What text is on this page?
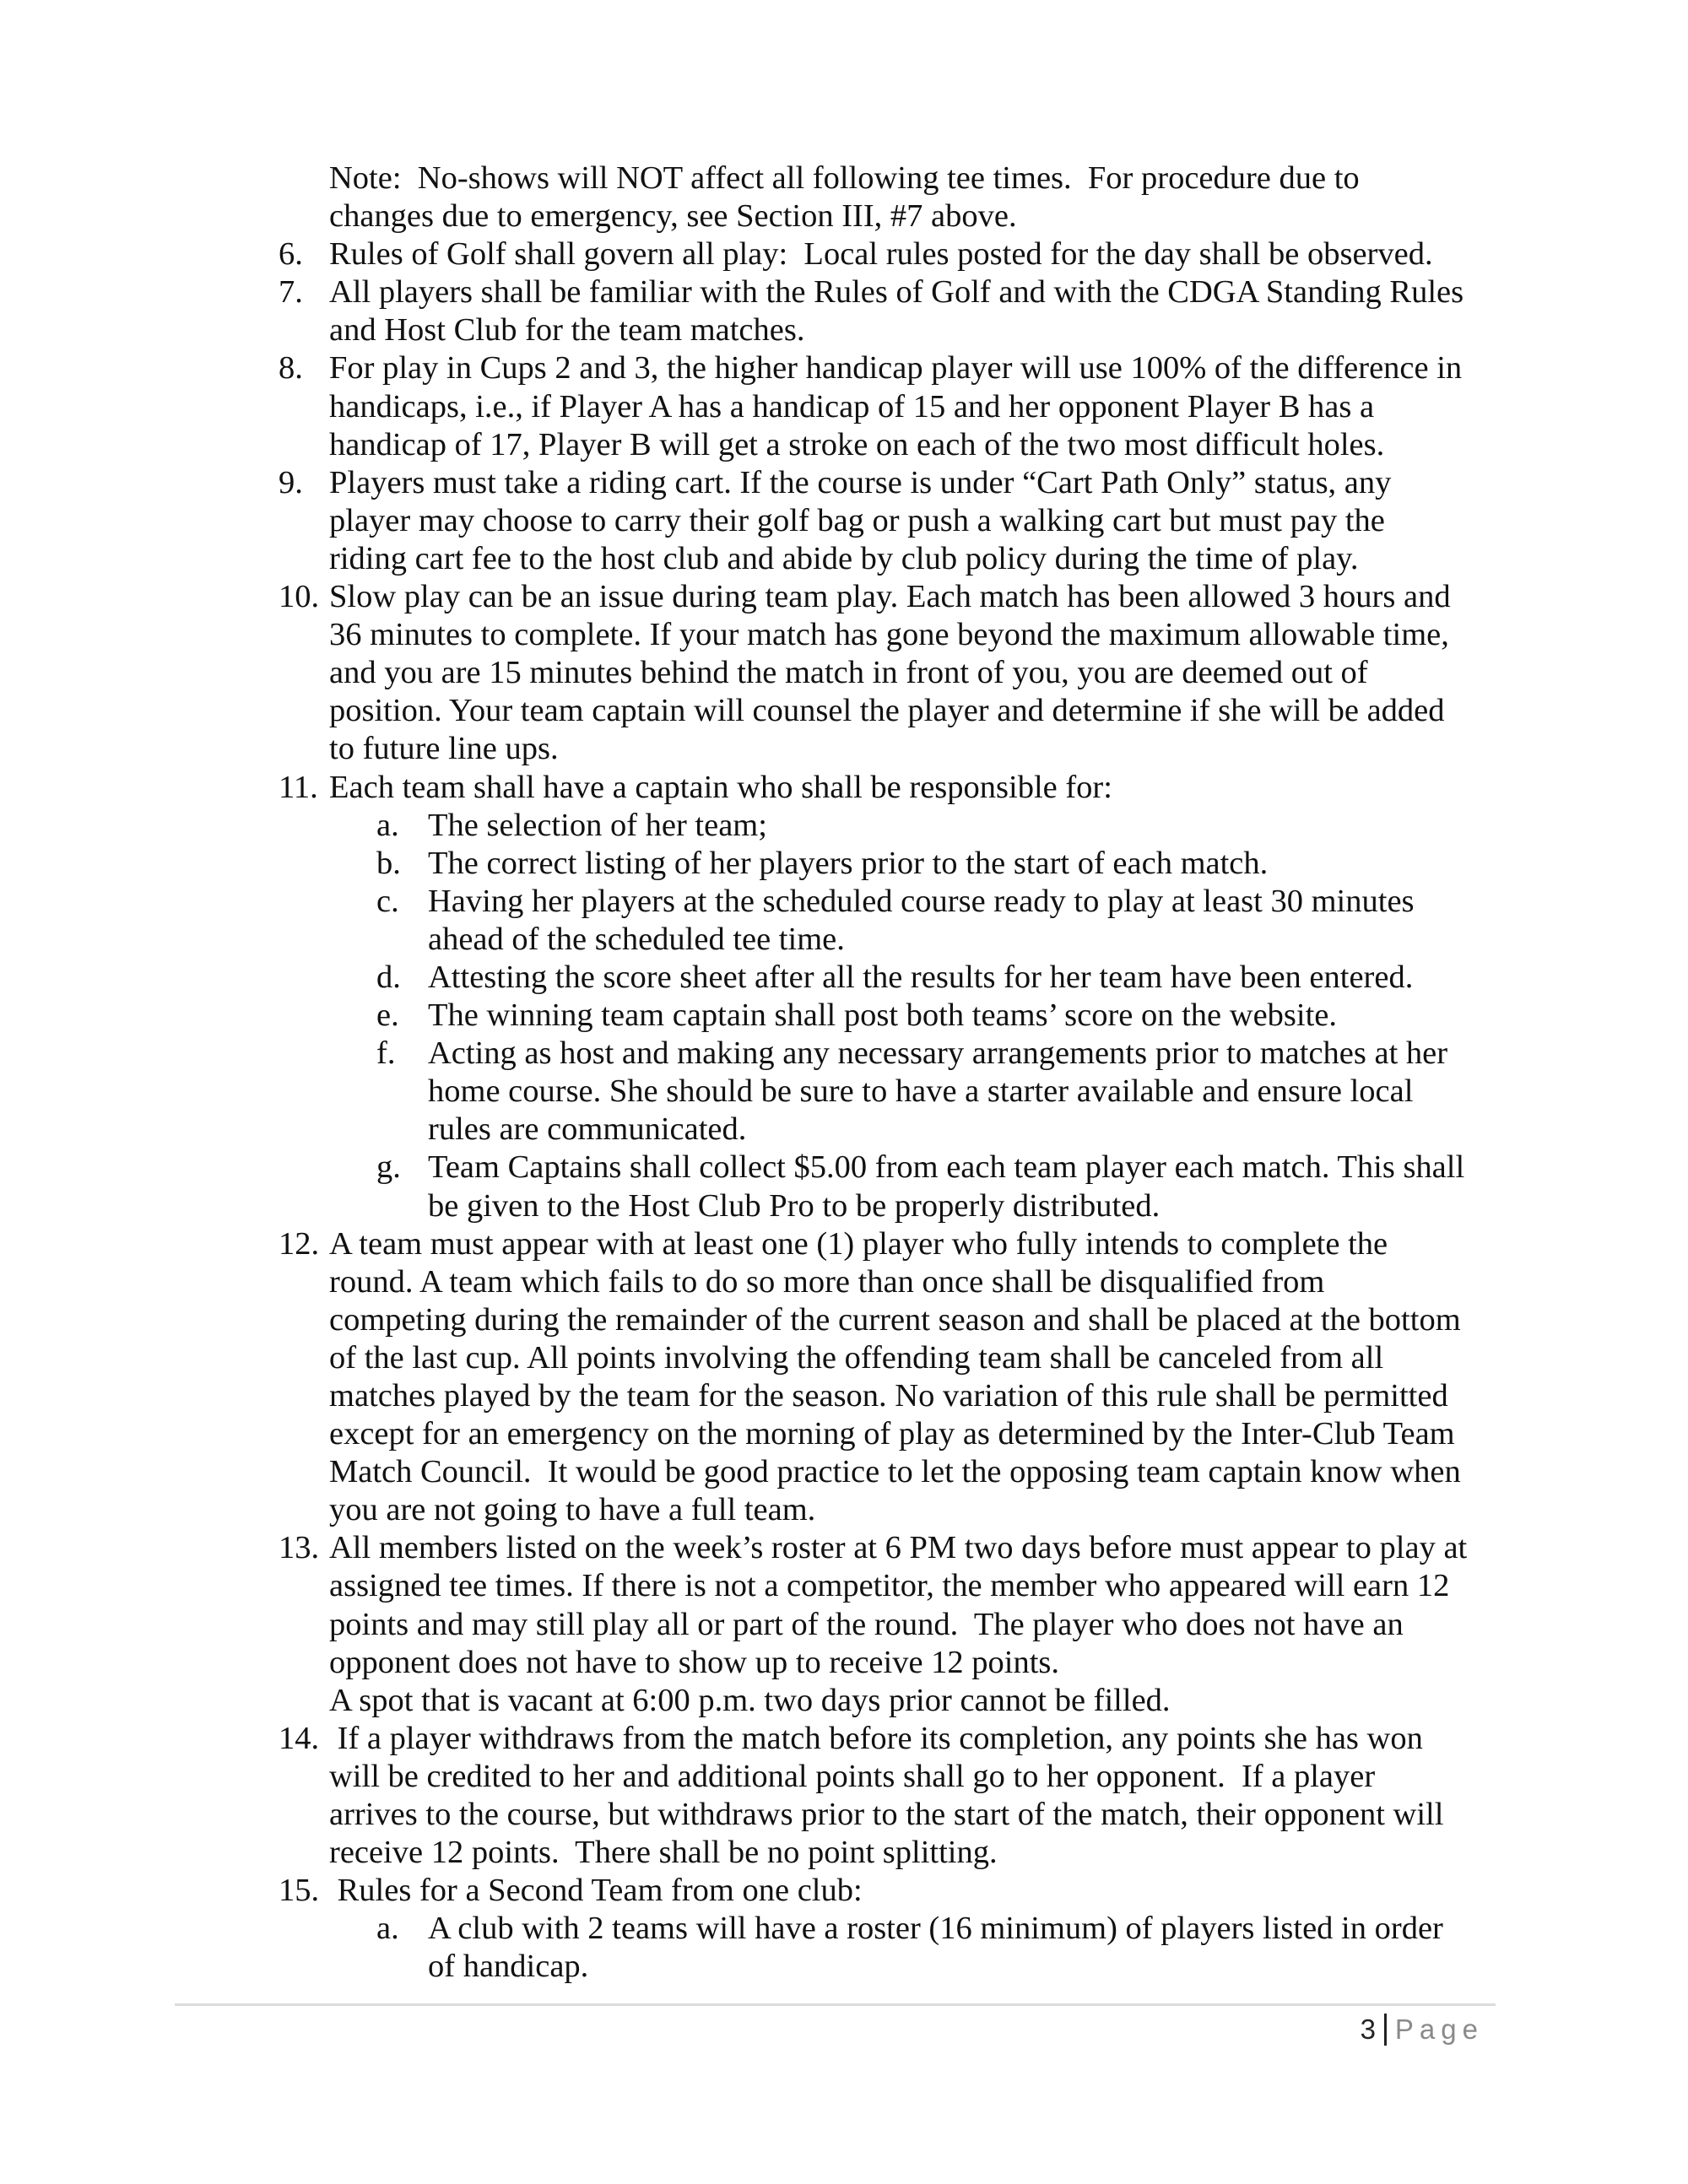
Note:  No-shows will NOT affect all following tee times.  For procedure due to
changes due to emergency, see Section III, #7 above.
6. Rules of Golf shall govern all play:  Local rules posted for the day shall be observed.
7. All players shall be familiar with the Rules of Golf and with the CDGA Standing Rules
and Host Club for the team matches.
8. For play in Cups 2 and 3, the higher handicap player will use 100% of the difference in
handicaps, i.e., if Player A has a handicap of 15 and her opponent Player B has a
handicap of 17, Player B will get a stroke on each of the two most difficult holes.
9. Players must take a riding cart. If the course is under “Cart Path Only” status, any
player may choose to carry their golf bag or push a walking cart but must pay the
riding cart fee to the host club and abide by club policy during the time of play.
10. Slow play can be an issue during team play. Each match has been allowed 3 hours and
36 minutes to complete. If your match has gone beyond the maximum allowable time,
and you are 15 minutes behind the match in front of you, you are deemed out of
position. Your team captain will counsel the player and determine if she will be added
to future line ups.
11. Each team shall have a captain who shall be responsible for:
a. The selection of her team;
b. The correct listing of her players prior to the start of each match.
c. Having her players at the scheduled course ready to play at least 30 minutes
ahead of the scheduled tee time.
d. Attesting the score sheet after all the results for her team have been entered.
e. The winning team captain shall post both teams’ score on the website.
f. Acting as host and making any necessary arrangements prior to matches at her
home course. She should be sure to have a starter available and ensure local
rules are communicated.
g. Team Captains shall collect $5.00 from each team player each match. This shall
be given to the Host Club Pro to be properly distributed.
12. A team must appear with at least one (1) player who fully intends to complete the
round. A team which fails to do so more than once shall be disqualified from
competing during the remainder of the current season and shall be placed at the bottom
of the last cup. All points involving the offending team shall be canceled from all
matches played by the team for the season. No variation of this rule shall be permitted
except for an emergency on the morning of play as determined by the Inter-Club Team
Match Council.  It would be good practice to let the opposing team captain know when
you are not going to have a full team.
13. All members listed on the week’s roster at 6 PM two days before must appear to play at
assigned tee times. If there is not a competitor, the member who appeared will earn 12
points and may still play all or part of the round.  The player who does not have an
opponent does not have to show up to receive 12 points.
A spot that is vacant at 6:00 p.m. two days prior cannot be filled.
14. If a player withdraws from the match before its completion, any points she has won
will be credited to her and additional points shall go to her opponent.  If a player
arrives to the course, but withdraws prior to the start of the match, their opponent will
receive 12 points.  There shall be no point splitting.
15. Rules for a Second Team from one club:
a. A club with 2 teams will have a roster (16 minimum) of players listed in order
of handicap.
3 Page
